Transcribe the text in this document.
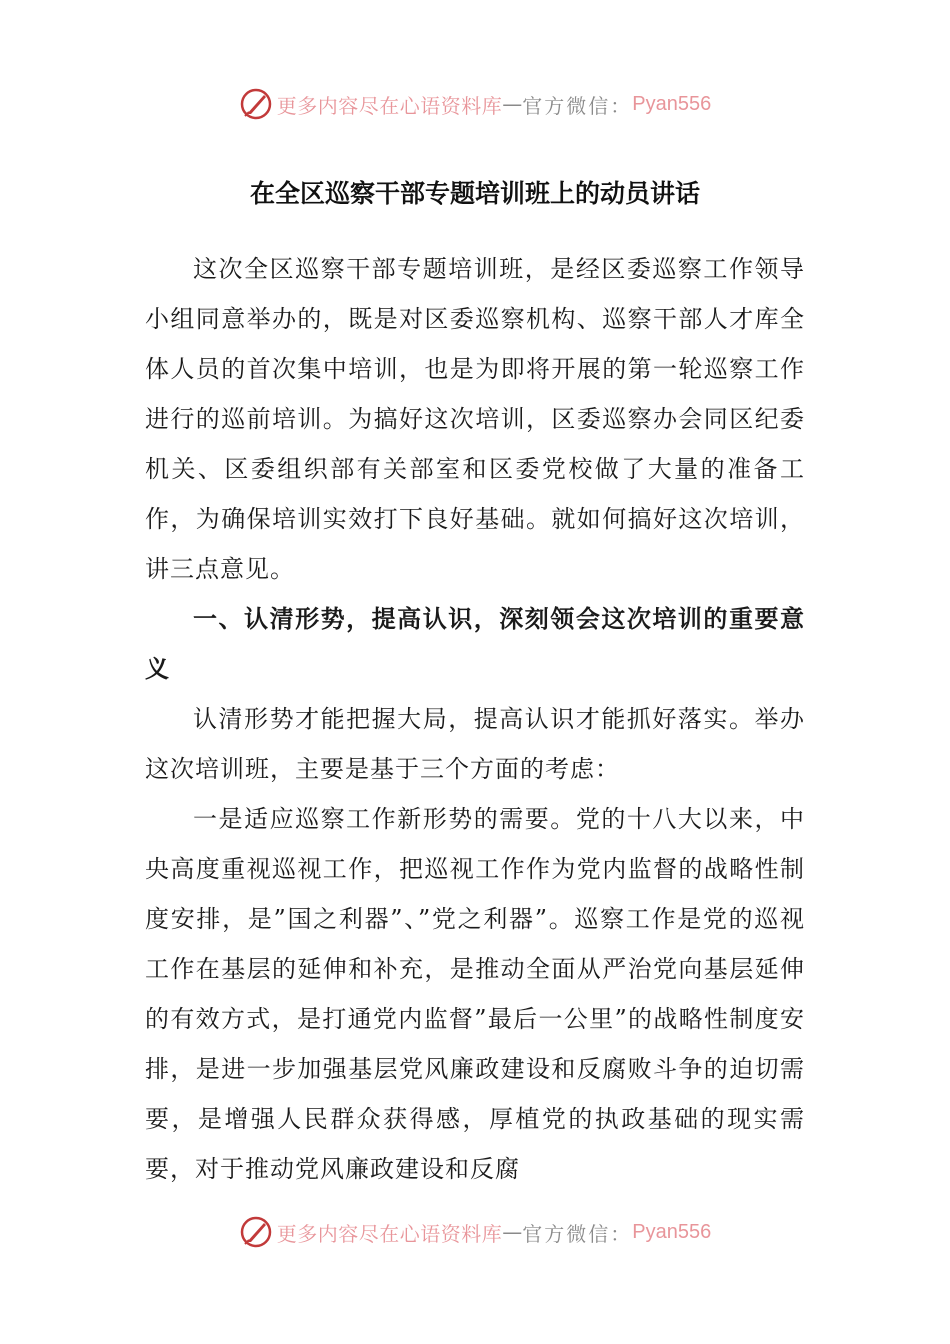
更多内容尽在心语资料库 — 官方微信： Pyan556
在全区巡察干部专题培训班上的动员讲话

这次全区巡察干部专题培训班，是经区委巡察工作领导小组同意举办的，既是对区委巡察机构、巡察干部人才库全体人员的首次集中培训，也是为即将开展的第一轮巡察工作进行的巡前培训。为搞好这次培训，区委巡察办会同区纪委机关、区委组织部有关部室和区委党校做了大量的准备工作，为确保培训实效打下良好基础。就如何搞好这次培训，讲三点意见。

一、认清形势，提高认识，深刻领会这次培训的重要意义

认清形势才能把握大局，提高认识才能抓好落实。举办这次培训班，主要是基于三个方面的考虑：

一是适应巡察工作新形势的需要。党的十八大以来，中央高度重视巡视工作，把巡视工作作为党内监督的战略性制度安排，是”国之利器”、”党之利器”。巡察工作是党的巡视工作在基层的延伸和补充，是推动全面从严治党向基层延伸的有效方式，是打通党内监督”最后一公里”的战略性制度安排，是进一步加强基层党风廉政建设和反腐败斗争的迫切需要，是增强人民群众获得感，厚植党的执政基础的现实需要，对于推动党风廉政建设和反腐

更多内容尽在心语资料库 — 官方微信： Pyan556
